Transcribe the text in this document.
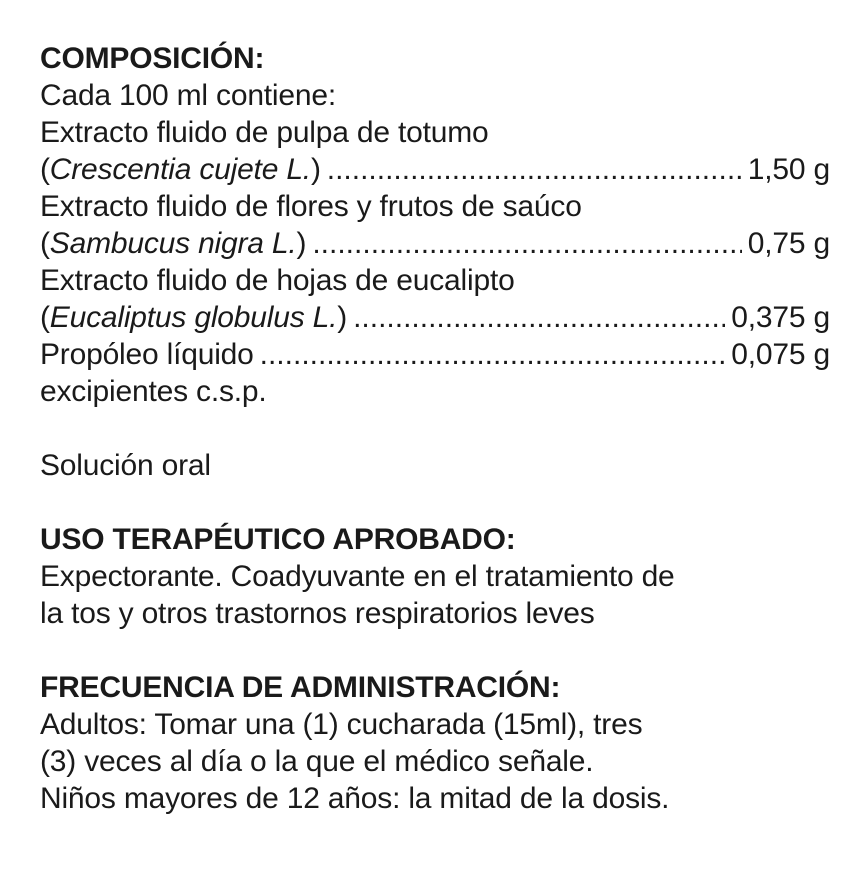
COMPOSICIÓN:

Cada 100 ml contiene:

Extracto fluido de pulpa de totumo

(Crescentia cujete L.) .....	1,50 g

Extracto fluido de flores y frutos de saúco

(Sambucus nigra L.) .....	0,75 g

Extracto fluido de hojas de eucalipto

(Eucaliptus globulus L.) .....	0,375 g
Propóleo líquido .....	0,075 g

excipientes c.s.p.

Solución oral

USO TERAPÉUTICO APROBADO:

Expectorante. Coadyuvante en el tratamiento de

la tos y otros trastornos respiratorios leves

FRECUENCIA DE ADMINISTRACIÓN:

Adultos: Tomar una (1) cucharada (15ml), tres

(3) veces al día o la que el médico señale.

Niños mayores de 12 años: la mitad de la dosis.
